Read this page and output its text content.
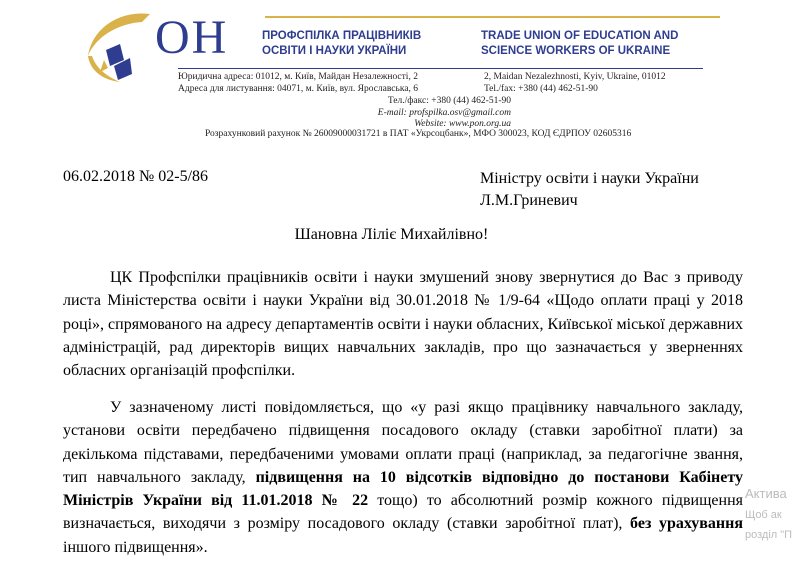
ОН	ПРОФСПІЛКА ПРАЦІВНИКІВ
ОСВІТИ І НАУКИ УКРАЇНИ
TRADE UNION OF EDUCATION AND
SCIENCE WORKERS OF UKRAINE
Юридична адреса: 01012, м. Київ, Майдан Незалежності, 2
Адреса для листування: 04071, м. Київ, вул. Ярославська, 6
2, Maidan Nezalezhnosti, Kyiv, Ukraine, 01012
Tel./fax: +380 (44) 462-51-90
Тел./факс: +380 (44) 462-51-90
E-mail: profspilka.osv@gmail.com
Website: www.pon.org.ua
Розрахунковий рахунок № 26009000031721 в ПАТ «Укрсоцбанк», МФО 300023, КОД ЄДРПОУ 02605316
06.02.2018 № 02-5/86	Міністру освіти і науки України
Л.М.Гриневич
Шановна Ліліє Михайлівно!
ЦК Профспілки працівників освіти і науки змушений знову звернутися до Вас з приводу листа Міністерства освіти і науки України від 30.01.2018 № 1/9-64 «Щодо оплати праці у 2018 році», спрямованого на адресу департаментів освіти і науки обласних, Київської міської державних адміністрацій, рад директорів вищих навчальних закладів, про що зазначається у зверненнях обласних організацій профспілки.
У зазначеному листі повідомляється, що «у разі якщо працівнику навчального закладу, установи освіти передбачено підвищення посадового окладу (ставки заробітної плати) за декількома підставами, передбаченими умовами оплати праці (наприклад, за педагогічне звання, тип навчального закладу, підвищення на 10 відсотків відповідно до постанови Кабінету Міністрів України від 11.01.2018 № 22 тощо) то абсолютний розмір кожного підвищення визначається, виходячи з розміру посадового окладу (ставки заробітної плат), без урахування іншого підвищення».
Актива
Щоб ак
розділ "П
